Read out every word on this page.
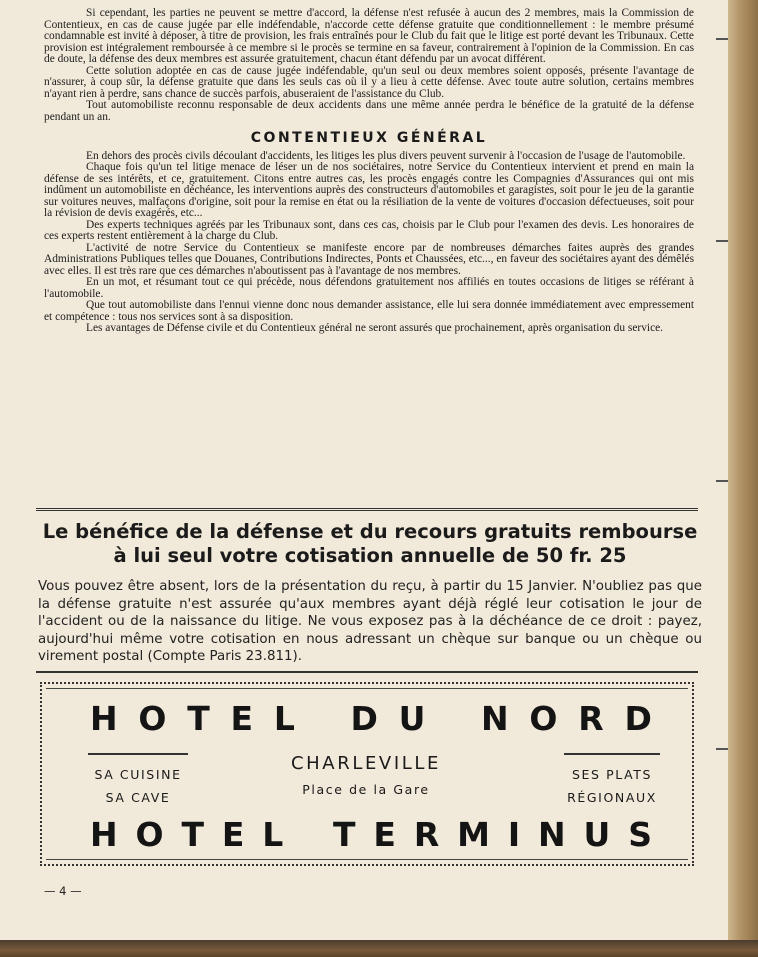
Si cependant, les parties ne peuvent se mettre d'accord, la défense n'est refusée à aucun des 2 membres, mais la Commission de Contentieux, en cas de cause jugée par elle indéfendable, n'accorde cette défense gratuite que conditionnellement : le membre présumé condamnable est invité à déposer, à titre de provision, les frais entraînés pour le Club du fait que le litige est porté devant les Tribunaux. Cette provision est intégralement remboursée à ce membre si le procès se termine en sa faveur, contrairement à l'opinion de la Commission. En cas de doute, la défense des deux membres est assurée gratuitement, chacun étant défendu par un avocat différent.

Cette solution adoptée en cas de cause jugée indéfendable, qu'un seul ou deux membres soient opposés, présente l'avantage de n'assurer, à coup sûr, la défense gratuite que dans les seuls cas où il y a lieu à cette défense. Avec toute autre solution, certains membres n'ayant rien à perdre, sans chance de succès parfois, abuseraient de l'assistance du Club.

Tout automobiliste reconnu responsable de deux accidents dans une même année perdra le bénéfice de la gratuité de la défense pendant un an.

CONTENTIEUX GÉNÉRAL

En dehors des procès civils découlant d'accidents, les litiges les plus divers peuvent survenir à l'occasion de l'usage de l'automobile.

Chaque fois qu'un tel litige menace de léser un de nos sociétaires, notre Service du Contentieux intervient et prend en main la défense de ses intérêts, et ce, gratuitement. Citons entre autres cas, les procès engagés contre les Compagnies d'Assurances qui ont mis indûment un automobiliste en déchéance, les interventions auprès des constructeurs d'automobiles et garagistes, soit pour le jeu de la garantie sur voitures neuves, malfaçons d'origine, soit pour la remise en état ou la résiliation de la vente de voitures d'occasion défectueuses, soit pour la révision de devis exagérés, etc...

Des experts techniques agréés par les Tribunaux sont, dans ces cas, choisis par le Club pour l'examen des devis. Les honoraires de ces experts restent entièrement à la charge du Club.

L'activité de notre Service du Contentieux se manifeste encore par de nombreuses démarches faites auprès des grandes Administrations Publiques telles que Douanes, Contributions Indirectes, Ponts et Chaussées, etc..., en faveur des sociétaires ayant des démêlés avec elles. Il est très rare que ces démarches n'aboutissent pas à l'avantage de nos membres.

En un mot, et résumant tout ce qui précède, nous défendons gratuitement nos affiliés en toutes occasions de litiges se référant à l'automobile.

Que tout automobiliste dans l'ennui vienne donc nous demander assistance, elle lui sera donnée immédiatement avec empressement et compétence : tous nos services sont à sa disposition.

Les avantages de Défense civile et du Contentieux général ne seront assurés que prochainement, après organisation du service.

Le bénéfice de la défense et du recours gratuits rembourse
à lui seul votre cotisation annuelle de 50 fr. 25
Vous pouvez être absent, lors de la présentation du reçu, à partir du 15 Janvier. N'oubliez pas que la défense gratuite n'est assurée qu'aux membres ayant déjà réglé leur cotisation le jour de l'accident ou de la naissance du litige. Ne vous exposez pas à la déchéance de ce droit : payez, aujourd'hui même votre cotisation en nous adressant un chèque sur banque ou un chèque ou virement postal (Compte Paris 23.811).
H O T E L
D U
N O R D
SA CUISINE
SA CAVE
CHARLEVILLE
Place de la Gare
SES PLATS
RÉGIONAUX
H O T E L
T E R M I N U S
— 4 —
